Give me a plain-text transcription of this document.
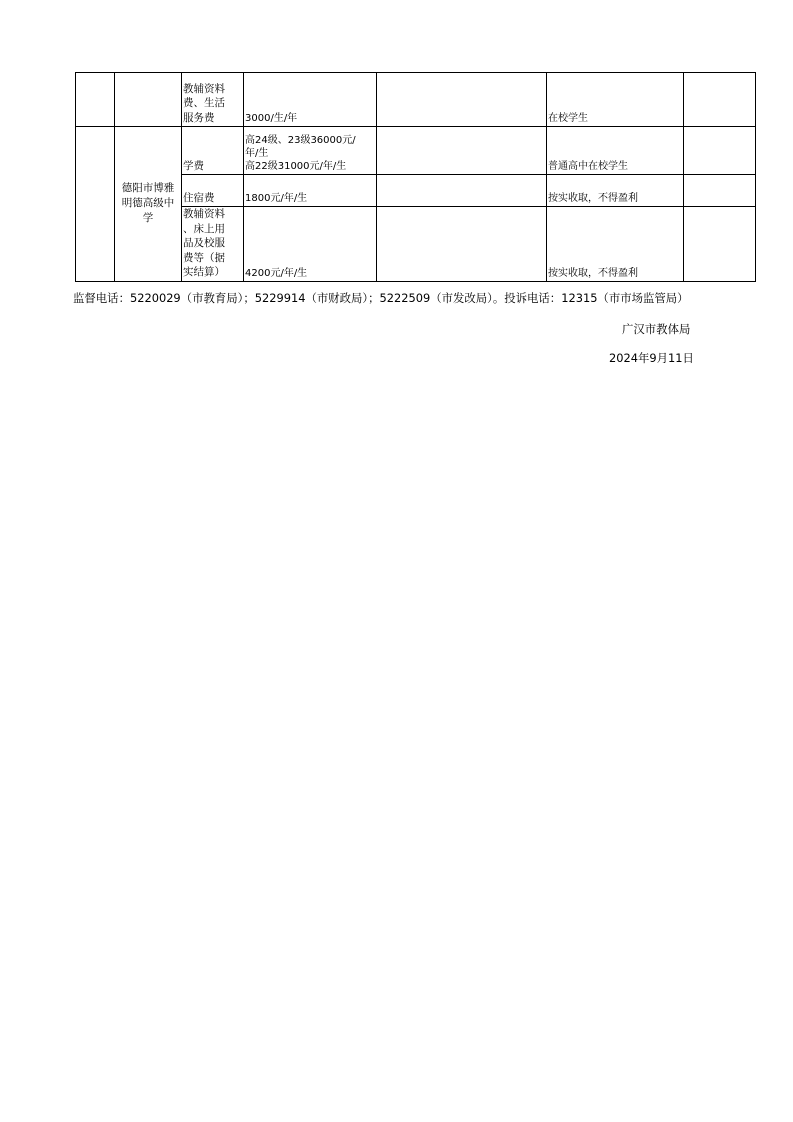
		教辅资料
费、生活
服务费	3000/生/年		在校学生	

	德阳市博雅
明德高级中
学	学费	高24级、23级36000元/
年/生
高22级31000元/年/生		普通高中在校学生	

		住宿费	1800元/年/生		按实收取，不得盈利	

		教辅资料
、床上用
品及校服
费等（据
实结算）	4200元/年/生		按实收取，不得盈利	
监督电话：5220029（市教育局）；5229914（市财政局）；5222509（市发改局）。投诉电话：12315（市市场监管局）
广汉市教体局
2024年9月11日
